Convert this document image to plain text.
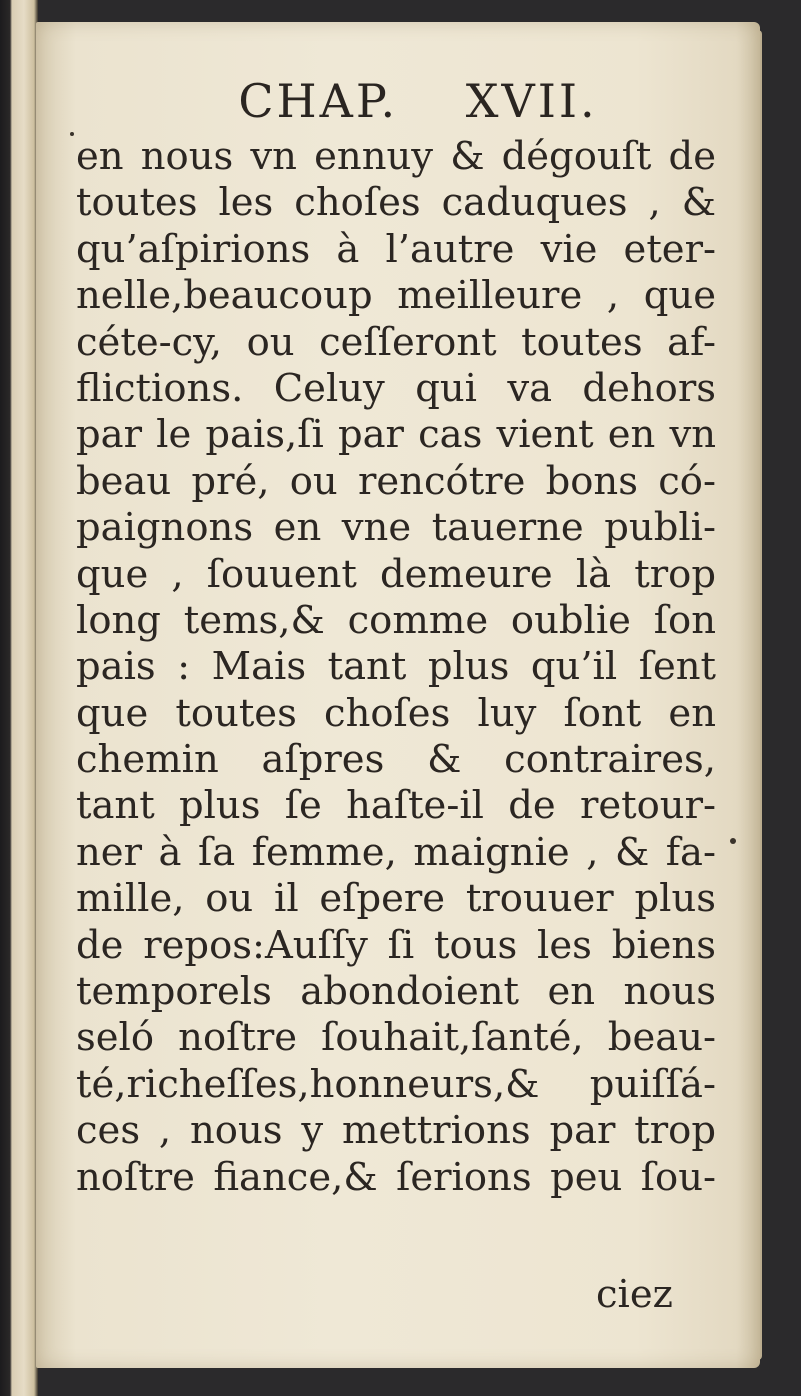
CHAP. XVII.
en nous vn ennuy & dégouſt de
toutes les choſes caduques , &
qu’aſpirions à l’autre vie eter-
nelle,beaucoup meilleure , que
céte-cy, ou ceſſeront toutes af-
flictions. Celuy qui va dehors
par le pais,ſi par cas vient en vn
beau pré, ou rencótre bons có-
paignons en vne tauerne publi-
que , ſouuent demeure là trop
long tems,& comme oublie ſon
pais : Mais tant plus qu’il ſent
que toutes choſes luy ſont en
chemin aſpres & contraires,
tant plus ſe haſte-il de retour-
ner à ſa femme, maignie , & fa-
mille, ou il eſpere trouuer plus
de repos:Auſſy ſi tous les biens
temporels abondoient en nous
seló noſtre ſouhait,ſanté, beau-
té,richeſſes,honneurs,& puiſſá-
ces , nous y mettrions par trop
noſtre fiance,& ſerions peu ſou-
ciez
